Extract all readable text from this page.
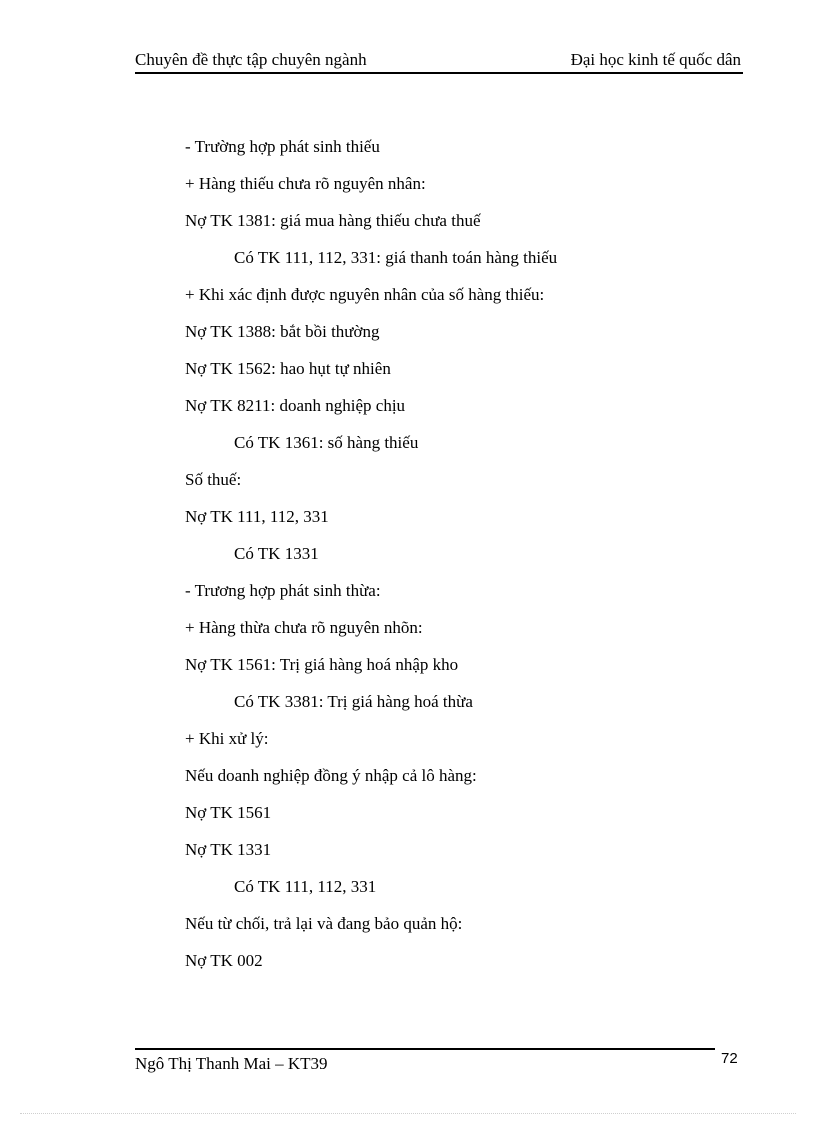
Chuyên đề thực tập chuyên ngành	Đại học kinh tế quốc dân
- Trường hợp phát sinh thiếu
+ Hàng thiếu chưa rõ nguyên nhân:
Nợ TK 1381: giá mua hàng thiếu chưa thuế
Có TK 111, 112, 331: giá thanh toán hàng thiếu
+ Khi xác định được nguyên nhân của số hàng thiếu:
Nợ TK 1388: bắt bồi thường
Nợ TK 1562: hao hụt tự nhiên
Nợ TK 8211: doanh nghiệp chịu
Có TK 1361: số hàng thiếu
Số thuế:
Nợ TK 111, 112, 331
Có TK 1331
- Trương hợp phát sinh thừa:
+ Hàng thừa chưa rõ nguyên nhõn:
Nợ TK 1561: Trị giá hàng hoá nhập kho
Có TK 3381: Trị giá hàng hoá thừa
+ Khi xử lý:
Nếu doanh nghiệp đồng ý nhập cả lô hàng:
Nợ TK 1561
Nợ TK 1331
Có TK 111, 112, 331
Nếu từ chối, trả lại và đang bảo quản hộ:
Nợ TK 002
Ngô Thị Thanh Mai – KT39	72
